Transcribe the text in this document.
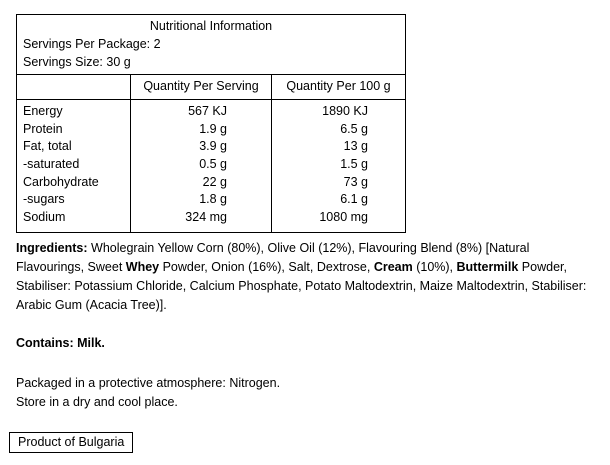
Nutritional Information
Servings Per Package: 2
Servings Size: 30 g
Quantity Per Serving	Quantity Per 100 g
Energy
Protein
Fat, total
-saturated
Carbohydrate
-sugars
Sodium
567 KJ
1.9 g
3.9 g
0.5 g
22 g
1.8 g
324 mg
1890 KJ
6.5 g
13 g
1.5 g
73 g
6.1 g
1080 mg
Ingredients: Wholegrain Yellow Corn (80%), Olive Oil (12%), Flavouring Blend (8%) [Natural Flavourings, Sweet Whey Powder, Onion (16%), Salt, Dextrose, Cream (10%), Buttermilk Powder, Stabiliser: Potassium Chloride, Calcium Phosphate, Potato Maltodextrin, Maize Maltodextrin, Stabiliser: Arabic Gum (Acacia Tree)].
Contains: Milk.
Packaged in a protective atmosphere: Nitrogen.
Store in a dry and cool place.
Product of Bulgaria
